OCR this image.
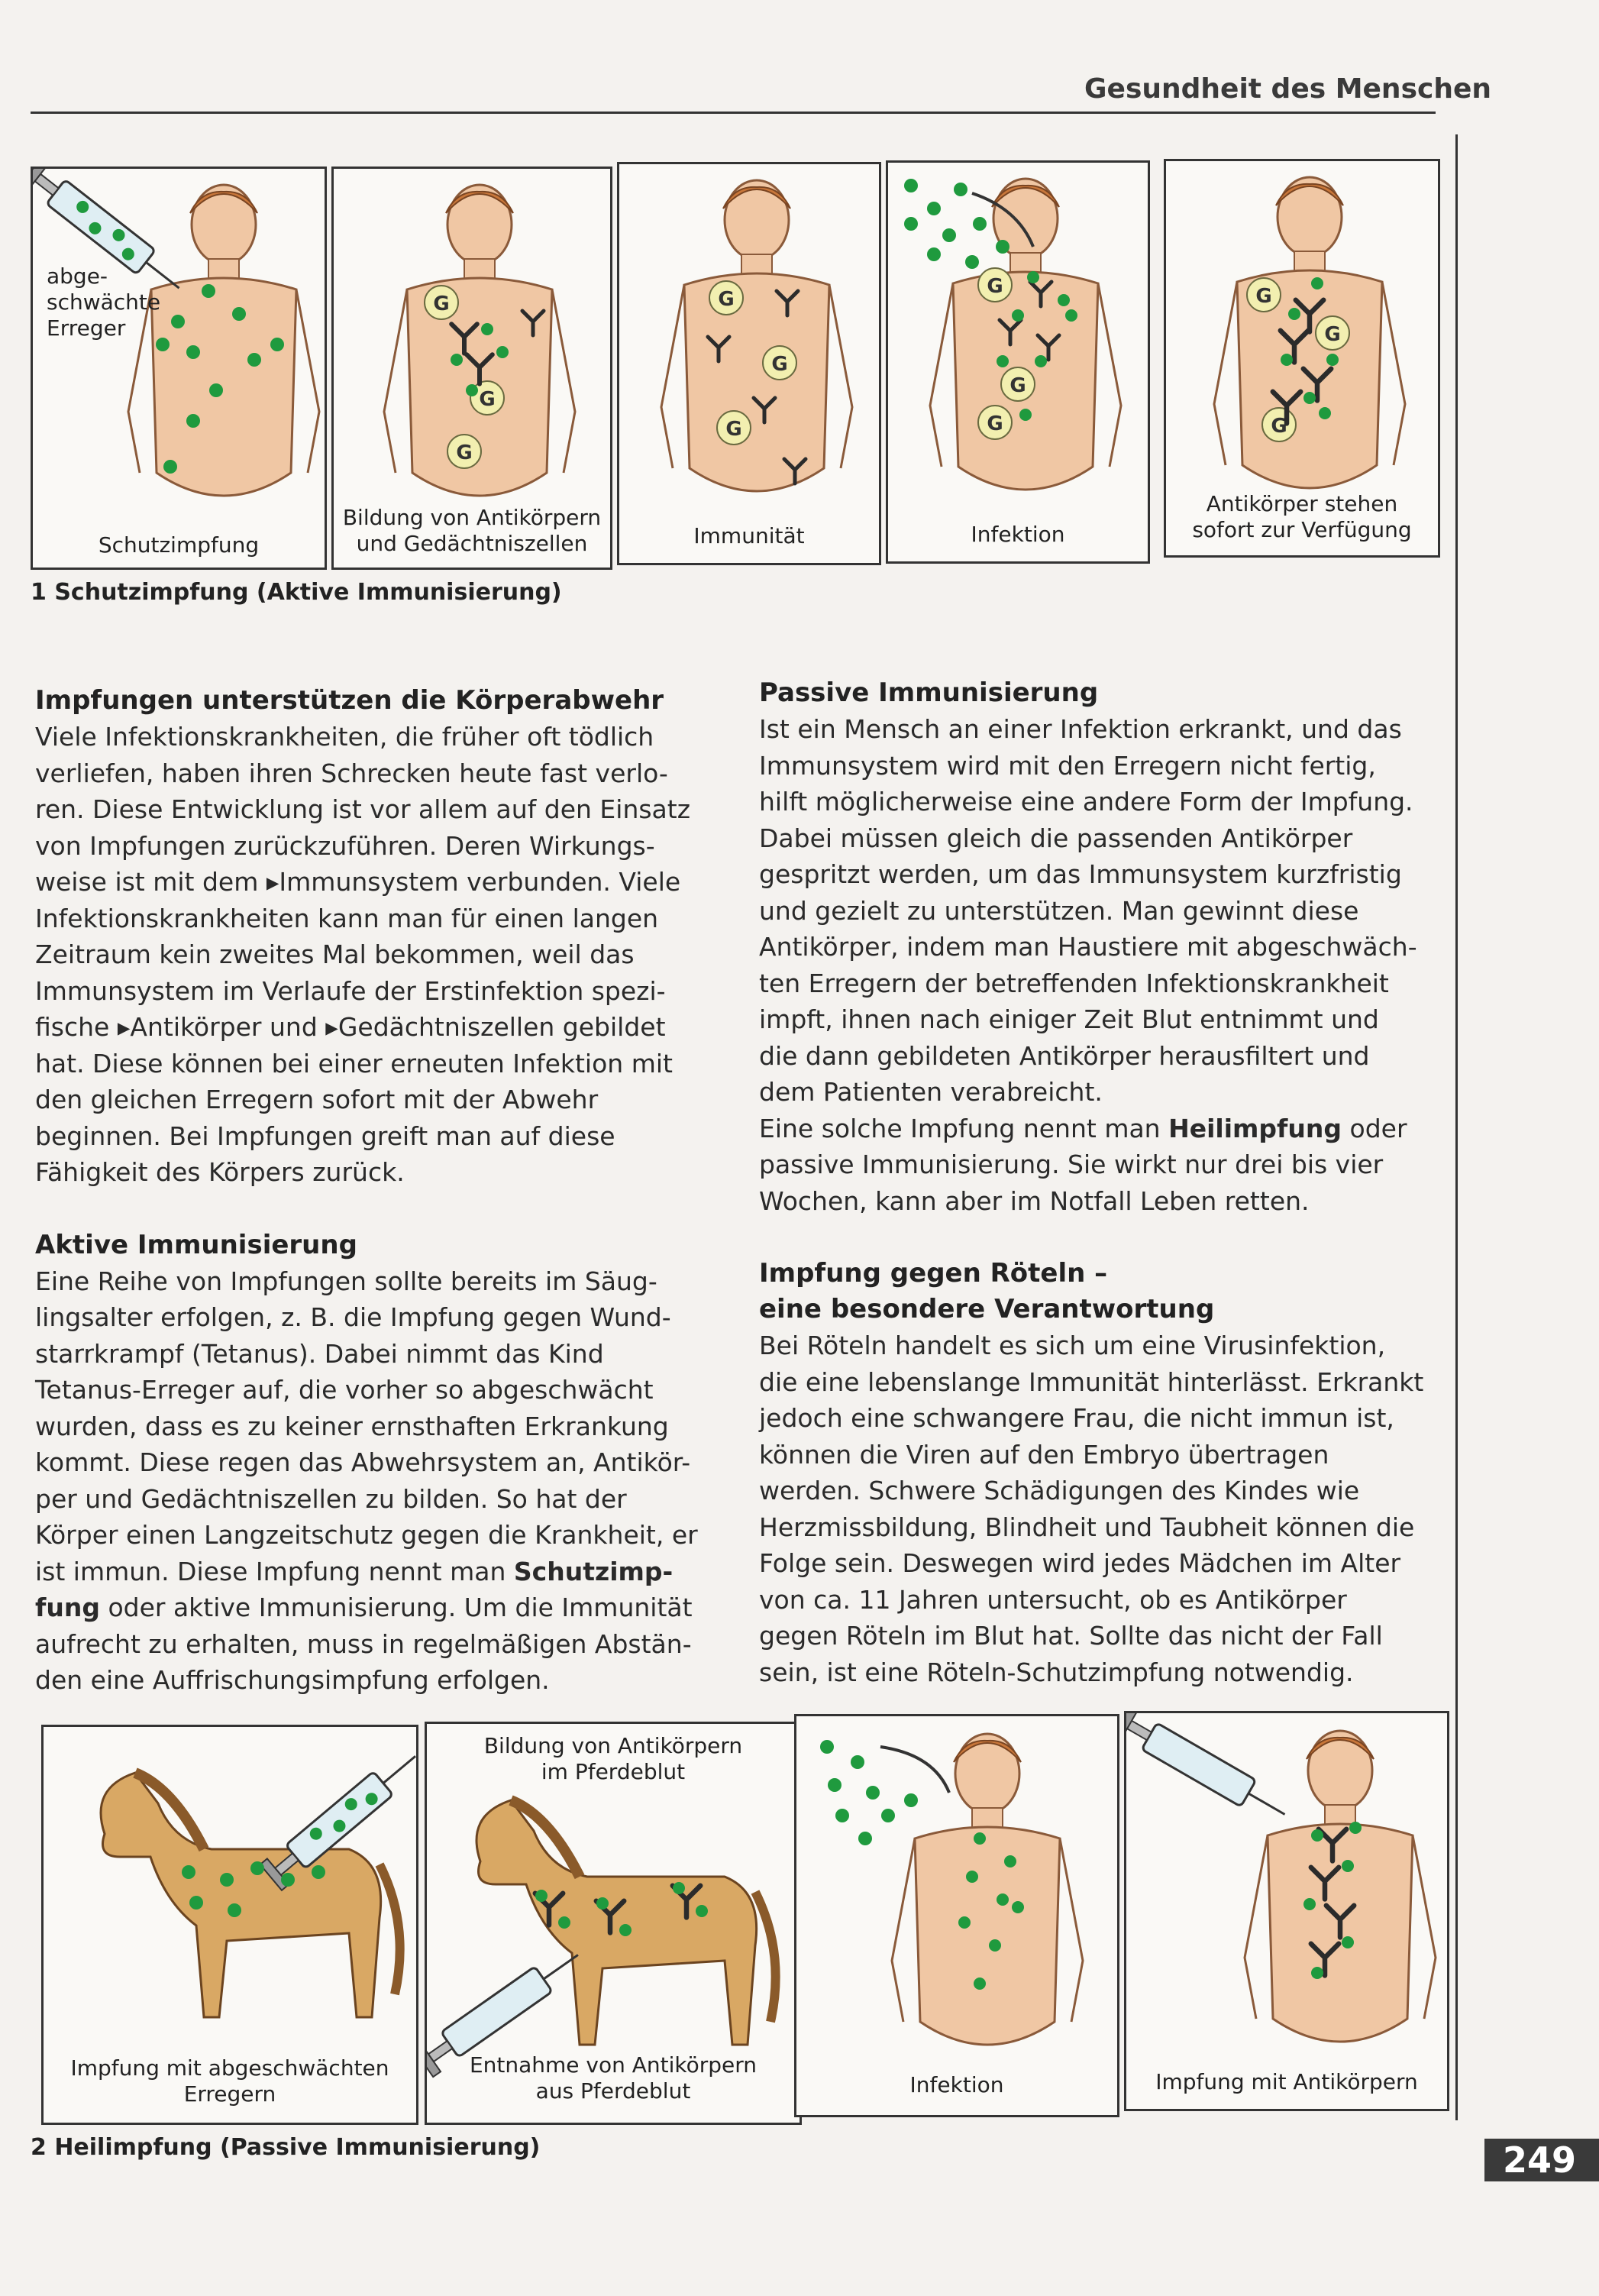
Gesundheit des Menschen
abge-
schwächte
Erreger
Schutzimpfung
G
G
G
Bildung von Antikörpern
und Gedächtniszellen
G
G
G
Immunität
G
G
G
Infektion
G
G
G
Antikörper stehen
sofort zur Verfügung
1 Schutzimpfung (Aktive Immunisierung)
Impfungen unterstützen die Körperabwehr

Viele Infektionskrankheiten, die früher oft tödlich

verliefen, haben ihren Schrecken heute fast verlo-

ren. Diese Entwicklung ist vor allem auf den Einsatz

von Impfungen zurückzuführen. Deren Wirkungs-

weise ist mit dem ▸Immunsystem verbunden. Viele

Infektionskrankheiten kann man für einen langen

Zeitraum kein zweites Mal bekommen, weil das

Immunsystem im Verlaufe der Erstinfektion spezi-

fische ▸Antikörper und ▸Gedächtniszellen gebildet

hat. Diese können bei einer erneuten Infektion mit

den gleichen Erregern sofort mit der Abwehr

beginnen. Bei Impfungen greift man auf diese

Fähigkeit des Körpers zurück.

Aktive Immunisierung

Eine Reihe von Impfungen sollte bereits im Säug-

lingsalter erfolgen, z. B. die Impfung gegen Wund-

starrkrampf (Tetanus). Dabei nimmt das Kind

Tetanus-Erreger auf, die vorher so abgeschwächt

wurden, dass es zu keiner ernsthaften Erkrankung

kommt. Diese regen das Abwehrsystem an, Antikör-

per und Gedächtniszellen zu bilden. So hat der

Körper einen Langzeitschutz gegen die Krankheit, er

ist immun. Diese Impfung nennt man Schutzimp-

fung oder aktive Immunisierung. Um die Immunität

aufrecht zu erhalten, muss in regelmäßigen Abstän-

den eine Auffrischungsimpfung erfolgen.

Passive Immunisierung

Ist ein Mensch an einer Infektion erkrankt, und das

Immunsystem wird mit den Erregern nicht fertig,

hilft möglicherweise eine andere Form der Impfung.

Dabei müssen gleich die passenden Antikörper

gespritzt werden, um das Immunsystem kurzfristig

und gezielt zu unterstützen. Man gewinnt diese

Antikörper, indem man Haustiere mit abgeschwäch-

ten Erregern der betreffenden Infektionskrankheit

impft, ihnen nach einiger Zeit Blut entnimmt und

die dann gebildeten Antikörper herausfiltert und

dem Patienten verabreicht.

Eine solche Impfung nennt man Heilimpfung oder

passive Immunisierung. Sie wirkt nur drei bis vier

Wochen, kann aber im Notfall Leben retten.

Impfung gegen Röteln –
eine besondere Verantwortung

Bei Röteln handelt es sich um eine Virusinfektion,

die eine lebenslange Immunität hinterlässt. Erkrankt

jedoch eine schwangere Frau, die nicht immun ist,

können die Viren auf den Embryo übertragen

werden. Schwere Schädigungen des Kindes wie

Herzmissbildung, Blindheit und Taubheit können die

Folge sein. Deswegen wird jedes Mädchen im Alter

von ca. 11 Jahren untersucht, ob es Antikörper

gegen Röteln im Blut hat. Sollte das nicht der Fall

sein, ist eine Röteln-Schutzimpfung notwendig.

Impfung mit abgeschwächten
Erregern
Bildung von Antikörpern
im Pferdeblut
Entnahme von Antikörpern
aus Pferdeblut	Infektion	Impfung mit Antikörpern
2 Heilimpfung (Passive Immunisierung)	249
